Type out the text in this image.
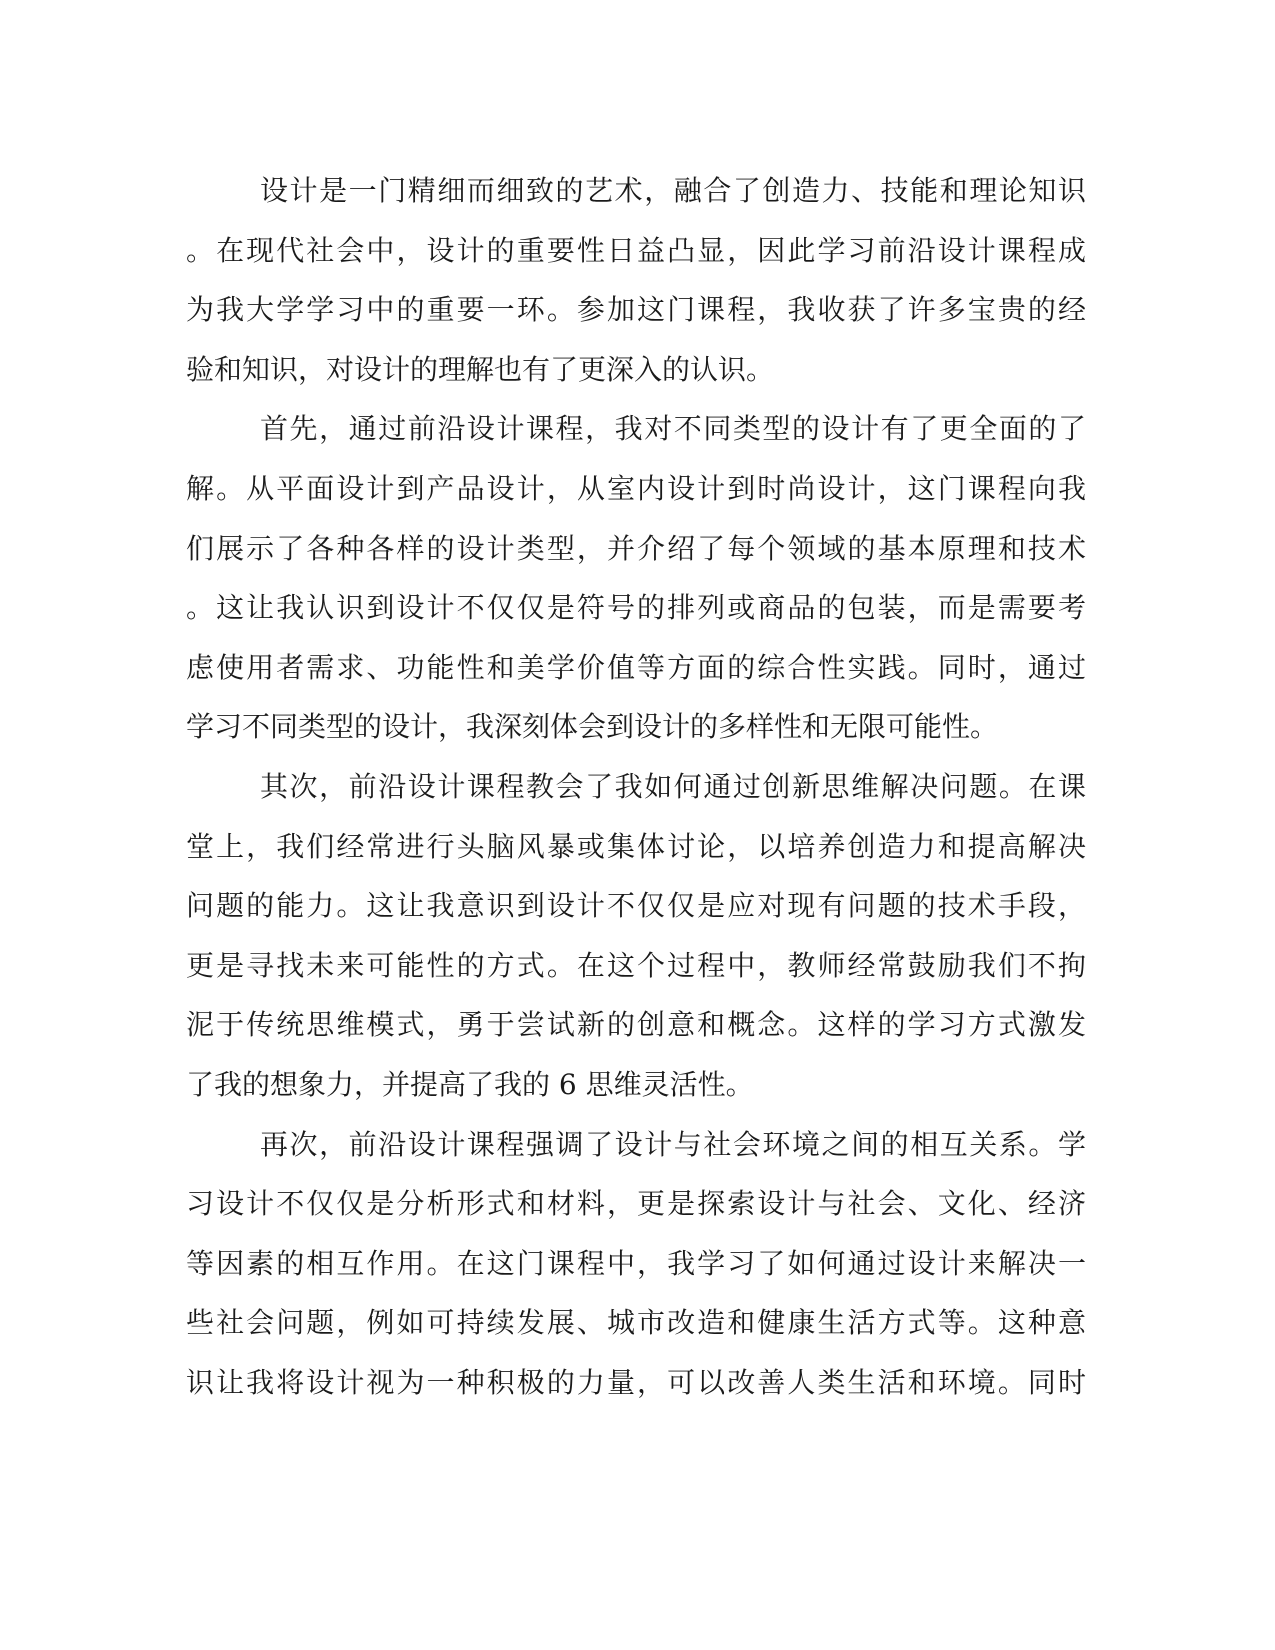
设计是一门精细而细致的艺术，融合了创造力、技能和理论知识
。在现代社会中，设计的重要性日益凸显，因此学习前沿设计课程成
为我大学学习中的重要一环。参加这门课程，我收获了许多宝贵的经
验和知识，对设计的理解也有了更深入的认识。
首先，通过前沿设计课程，我对不同类型的设计有了更全面的了
解。从平面设计到产品设计，从室内设计到时尚设计，这门课程向我
们展示了各种各样的设计类型，并介绍了每个领域的基本原理和技术
。这让我认识到设计不仅仅是符号的排列或商品的包装，而是需要考
虑使用者需求、功能性和美学价值等方面的综合性实践。同时，通过
学习不同类型的设计，我深刻体会到设计的多样性和无限可能性。
其次，前沿设计课程教会了我如何通过创新思维解决问题。在课
堂上，我们经常进行头脑风暴或集体讨论，以培养创造力和提高解决
问题的能力。这让我意识到设计不仅仅是应对现有问题的技术手段，
更是寻找未来可能性的方式。在这个过程中，教师经常鼓励我们不拘
泥于传统思维模式，勇于尝试新的创意和概念。这样的学习方式激发
了我的想象力，并提高了我的 6 思维灵活性。
再次，前沿设计课程强调了设计与社会环境之间的相互关系。学
习设计不仅仅是分析形式和材料，更是探索设计与社会、文化、经济
等因素的相互作用。在这门课程中，我学习了如何通过设计来解决一
些社会问题，例如可持续发展、城市改造和健康生活方式等。这种意
识让我将设计视为一种积极的力量，可以改善人类生活和环境。同时
